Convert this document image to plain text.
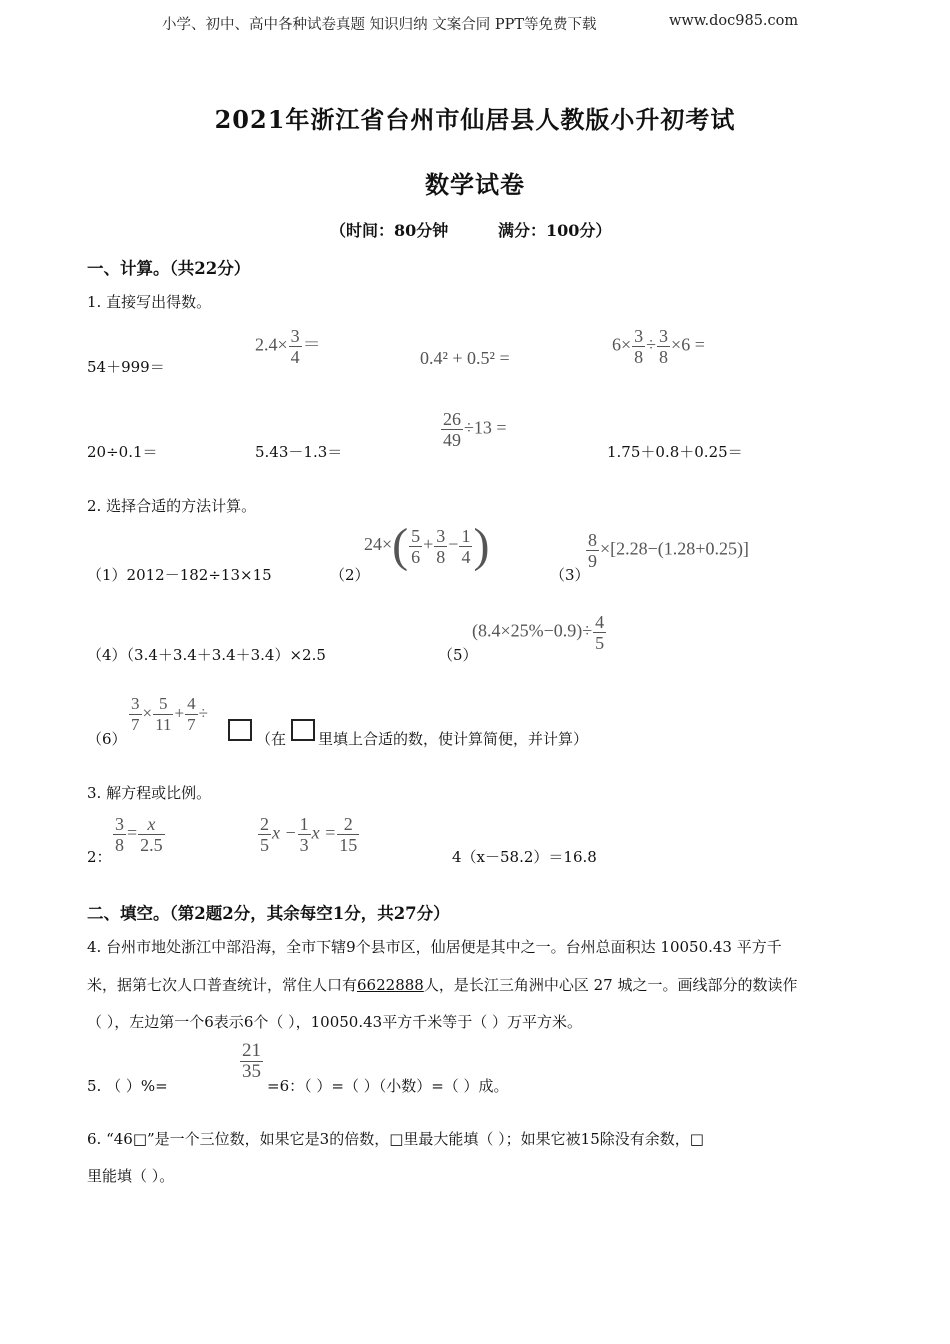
小学、初中、高中各种试卷真题 知识归纳 文案合同 PPT等免费下载	www.doc985.com
2021年浙江省台州市仙居县人教版小升初考试
数学试卷
（时间：80分钟	满分：100分）
一、计算。（共22分）
1. 直接写出得数。
54＋999＝
$2.4\times \frac{3}{4}$ ＝
0.4² + 0.5² =
$6\times \frac{3}{8} \div \frac{3}{8} \times 6$ =
20÷0.1＝	5.43－1.3＝
$\frac{26}{49} \div 13$ =
1.75＋0.8＋0.25＝
2. 选择合适的方法计算。
（1）2012－182÷13×15	（2）
$24\times( \frac{5}{6} + \frac{3}{8} - \frac{1}{4}$ )
（3）
$\frac{8}{9} \times[2.28-(1.28+0.25)]$
（4）（3.4＋3.4＋3.4＋3.4）×2.5	（5）
$(8.4\times 25\%-0.9)\div \frac{4}{5}$
（6）
$\frac{3}{7} \times \frac{5}{11} + \frac{4}{7}$ ÷
（在 里填上合适的数，使计算简便，并计算）
3. 解方程或比例。
2：
$\frac{3}{8} = \frac{x}{2.5}$	$\frac{2}{5}$ $x - \frac{1}{3}$ $x = \frac{2}{15}$
4（x－58.2）＝16.8
二、填空。（第2题2分，其余每空1分，共27分）
4. 台州市地处浙江中部沿海，全市下辖9个县市区，仙居便是其中之一。台州总面积达 10050.43 平方千
米，据第七次人口普查统计，常住人口有6622888人，是长江三角洲中心区 27 城之一。画线部分的数读作
（ ），左边第一个6表示6个（ ），10050.43平方千米等于（ ）万平方米。
5. （ ）%=
$\frac{21}{35}$
=6：（ ）=（ ）（小数）=（ ）成。
6. “46□”是一个三位数，如果它是3的倍数，□里最大能填（ ）；如果它被15除没有余数，□
里能填（ ）。
